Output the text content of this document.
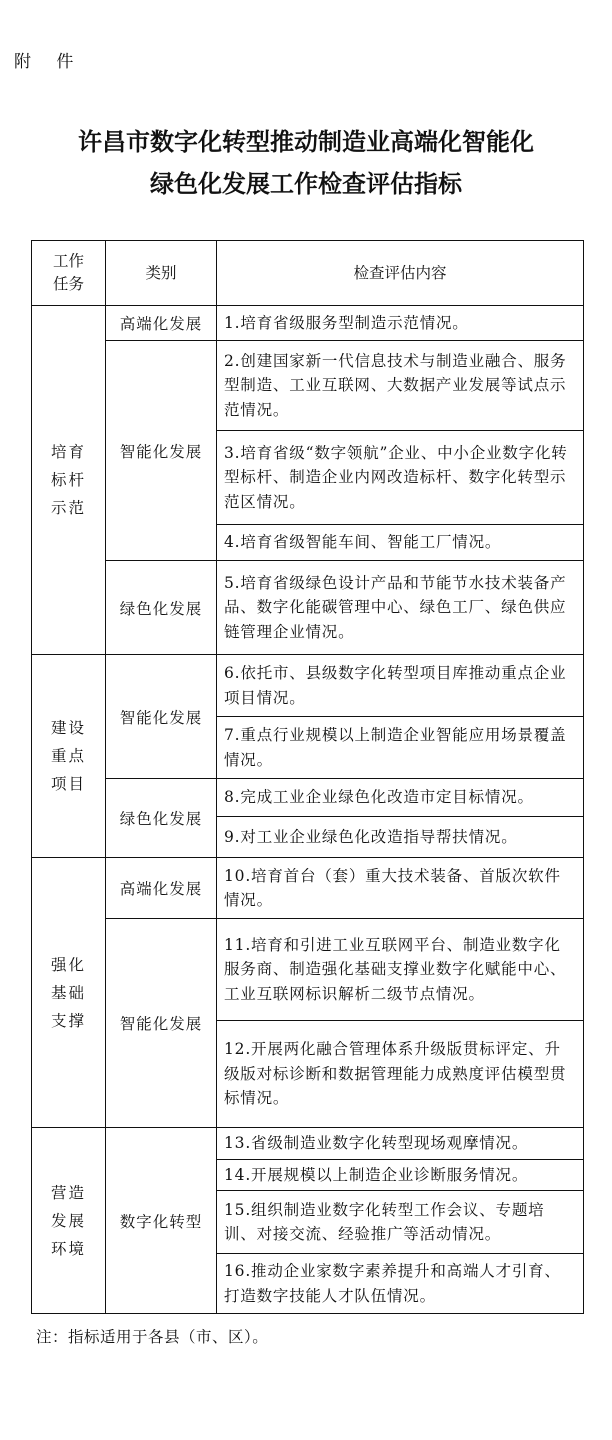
附 件
许昌市数字化转型推动制造业高端化智能化
绿色化发展工作检查评估指标
工作
任务	类别	检查评估内容
培育
标杆
示范	高端化发展	1.培育省级服务型制造示范情况。
	智能化发展	2.创建国家新一代信息技术与制造业融合、服务型制造、工业互联网、大数据产业发展等试点示范情况。
		3.培育省级“数字领航”企业、中小企业数字化转型标杆、制造企业内网改造标杆、数字化转型示范区情况。
		4.培育省级智能车间、智能工厂情况。
	绿色化发展	5.培育省级绿色设计产品和节能节水技术装备产品、数字化能碳管理中心、绿色工厂、绿色供应链管理企业情况。
建设
重点
项目	智能化发展	6.依托市、县级数字化转型项目库推动重点企业项目情况。
		7.重点行业规模以上制造企业智能应用场景覆盖情况。
	绿色化发展	8.完成工业企业绿色化改造市定目标情况。
		9.对工业企业绿色化改造指导帮扶情况。
强化
基础
支撑	高端化发展	10.培育首台（套）重大技术装备、首版次软件情况。
	智能化发展	11.培育和引进工业互联网平台、制造业数字化服务商、制造强化基础支撑业数字化赋能中心、工业互联网标识解析二级节点情况。
		12.开展两化融合管理体系升级版贯标评定、升级版对标诊断和数据管理能力成熟度评估模型贯标情况。
营造
发展
环境	数字化转型	13.省级制造业数字化转型现场观摩情况。
		14.开展规模以上制造企业诊断服务情况。
		15.组织制造业数字化转型工作会议、专题培训、对接交流、经验推广等活动情况。
		16.推动企业家数字素养提升和高端人才引育、打造数字技能人才队伍情况。
注：指标适用于各县（市、区）。
